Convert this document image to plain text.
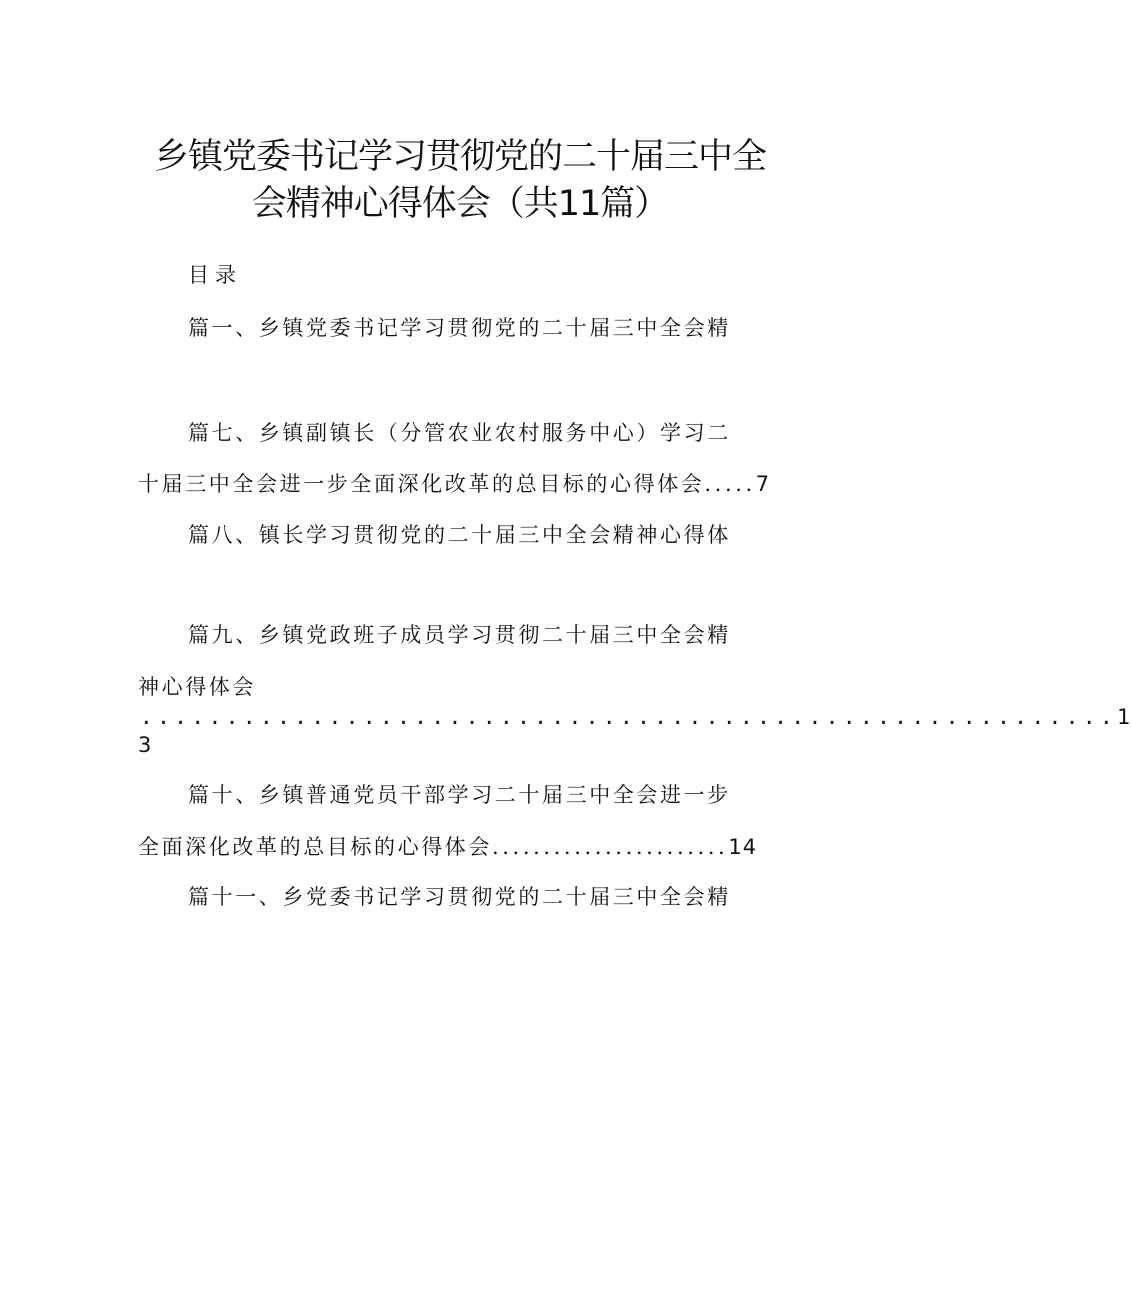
乡镇党委书记学习贯彻党的二十届三中全
会精神心得体会（共11篇）
目录
篇一、乡镇党委书记学习贯彻党的二十届三中全会精
篇七、乡镇副镇长（分管农业农村服务中心）学习二
十届三中全会进一步全面深化改革的总目标的心得体会.....7
篇八、镇长学习贯彻党的二十届三中全会精神心得体
篇九、乡镇党政班子成员学习贯彻二十届三中全会精
神心得体会
.........................................................1
3
篇十、乡镇普通党员干部学习二十届三中全会进一步
全面深化改革的总目标的心得体会.......................14
篇十一、乡党委书记学习贯彻党的二十届三中全会精
